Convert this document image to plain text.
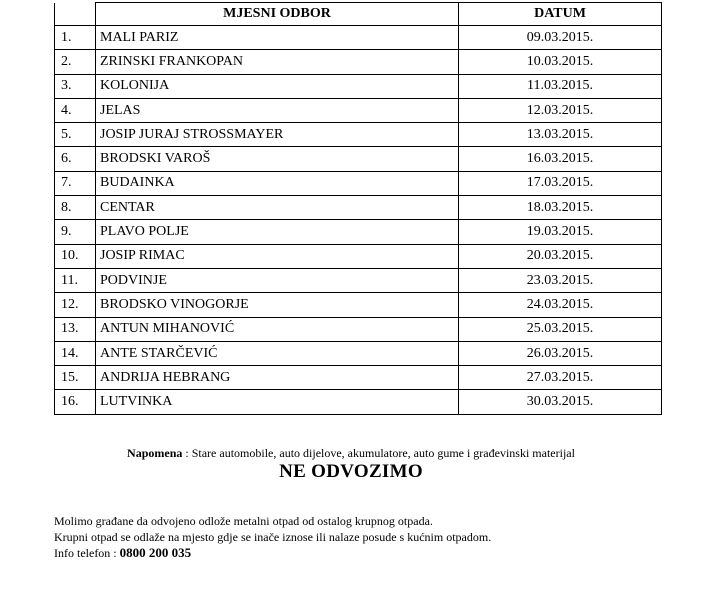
	MJESNI ODBOR	DATUM
1.	MALI PARIZ	09.03.2015.
2.	ZRINSKI FRANKOPAN	10.03.2015.
3.	KOLONIJA	11.03.2015.
4.	JELAS	12.03.2015.
5.	JOSIP JURAJ STROSSMAYER	13.03.2015.
6.	BRODSKI VAROŠ	16.03.2015.
7.	BUDAINKA	17.03.2015.
8.	CENTAR	18.03.2015.
9.	PLAVO POLJE	19.03.2015.
10.	JOSIP RIMAC	20.03.2015.
11.	PODVINJE	23.03.2015.
12.	BRODSKO VINOGORJE	24.03.2015.
13.	ANTUN MIHANOVIĆ	25.03.2015.
14.	ANTE STARČEVIĆ	26.03.2015.
15.	ANDRIJA HEBRANG	27.03.2015.
16.	LUTVINKA	30.03.2015.
Napomena : Stare automobile, auto dijelove, akumulatore, auto gume i građevinski materijal
NE ODVOZIMO
Molimo građane da odvojeno odlože metalni otpad od ostalog krupnog otpada.
Krupni otpad se odlaže na mjesto gdje se inače iznose ili nalaze posude s kućnim otpadom.
Info telefon : 0800 200 035
